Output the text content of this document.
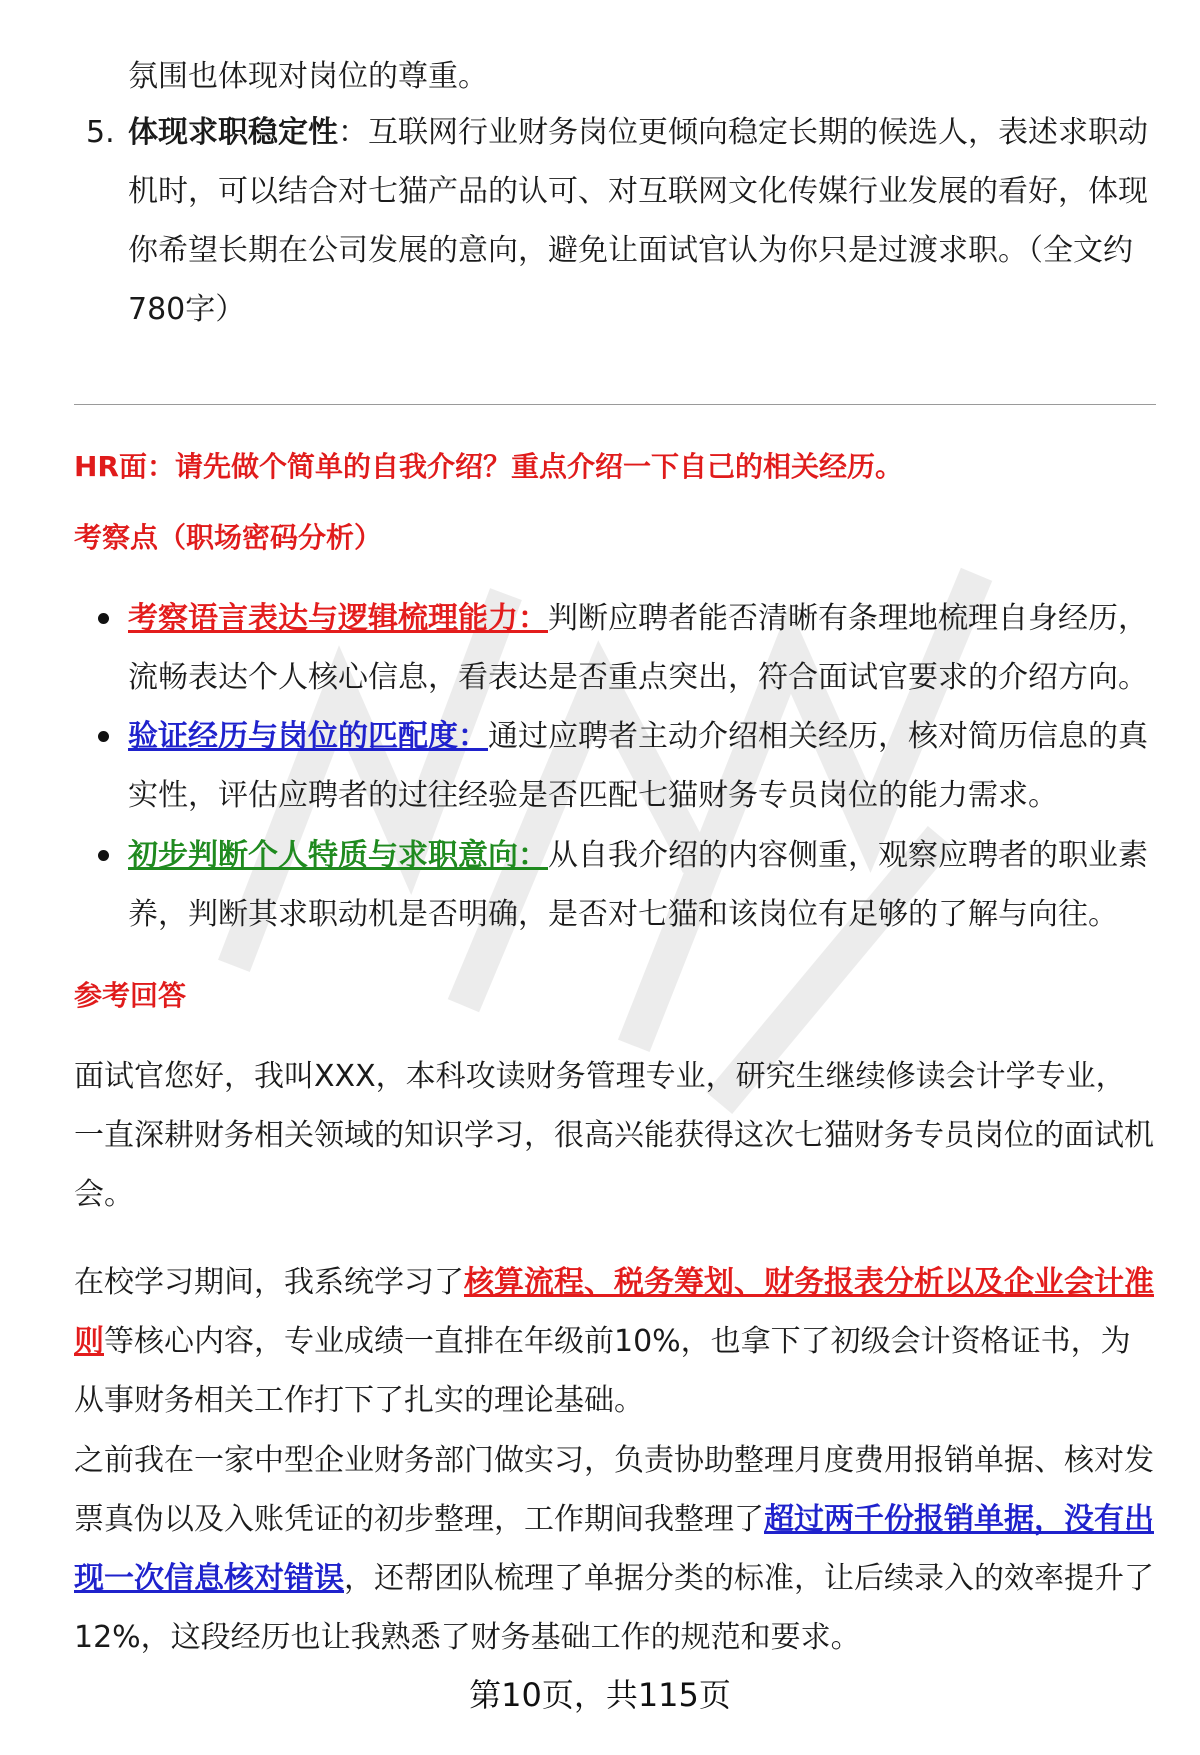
氛围也体现对岗位的尊重。

5. 体现求职稳定性：互联网行业财务岗位更倾向稳定长期的候选人，表述求职动机时，可以结合对七猫产品的认可、对互联网文化传媒行业发展的看好，体现你希望长期在公司发展的意向，避免让面试官认为你只是过渡求职。（全文约780字）

HR面：请先做个简单的自我介绍？重点介绍一下自己的相关经历。

考察点（职场密码分析）

考察语言表达与逻辑梳理能力：判断应聘者能否清晰有条理地梳理自身经历，流畅表达个人核心信息，看表达是否重点突出，符合面试官要求的介绍方向。

验证经历与岗位的匹配度：通过应聘者主动介绍相关经历，核对简历信息的真实性，评估应聘者的过往经验是否匹配七猫财务专员岗位的能力需求。

初步判断个人特质与求职意向：从自我介绍的内容侧重，观察应聘者的职业素养，判断其求职动机是否明确，是否对七猫和该岗位有足够的了解与向往。

参考回答

面试官您好，我叫XXX，本科攻读财务管理专业，研究生继续修读会计学专业，一直深耕财务相关领域的知识学习，很高兴能获得这次七猫财务专员岗位的面试机会。

在校学习期间，我系统学习了核算流程、税务筹划、财务报表分析以及企业会计准则等核心内容，专业成绩一直排在年级前10%，也拿下了初级会计资格证书，为从事财务相关工作打下了扎实的理论基础。

之前我在一家中型企业财务部门做实习，负责协助整理月度费用报销单据、核对发票真伪以及入账凭证的初步整理，工作期间我整理了超过两千份报销单据，没有出现一次信息核对错误，还帮团队梳理了单据分类的标准，让后续录入的效率提升了12%，这段经历也让我熟悉了财务基础工作的规范和要求。

第10页，共115页
